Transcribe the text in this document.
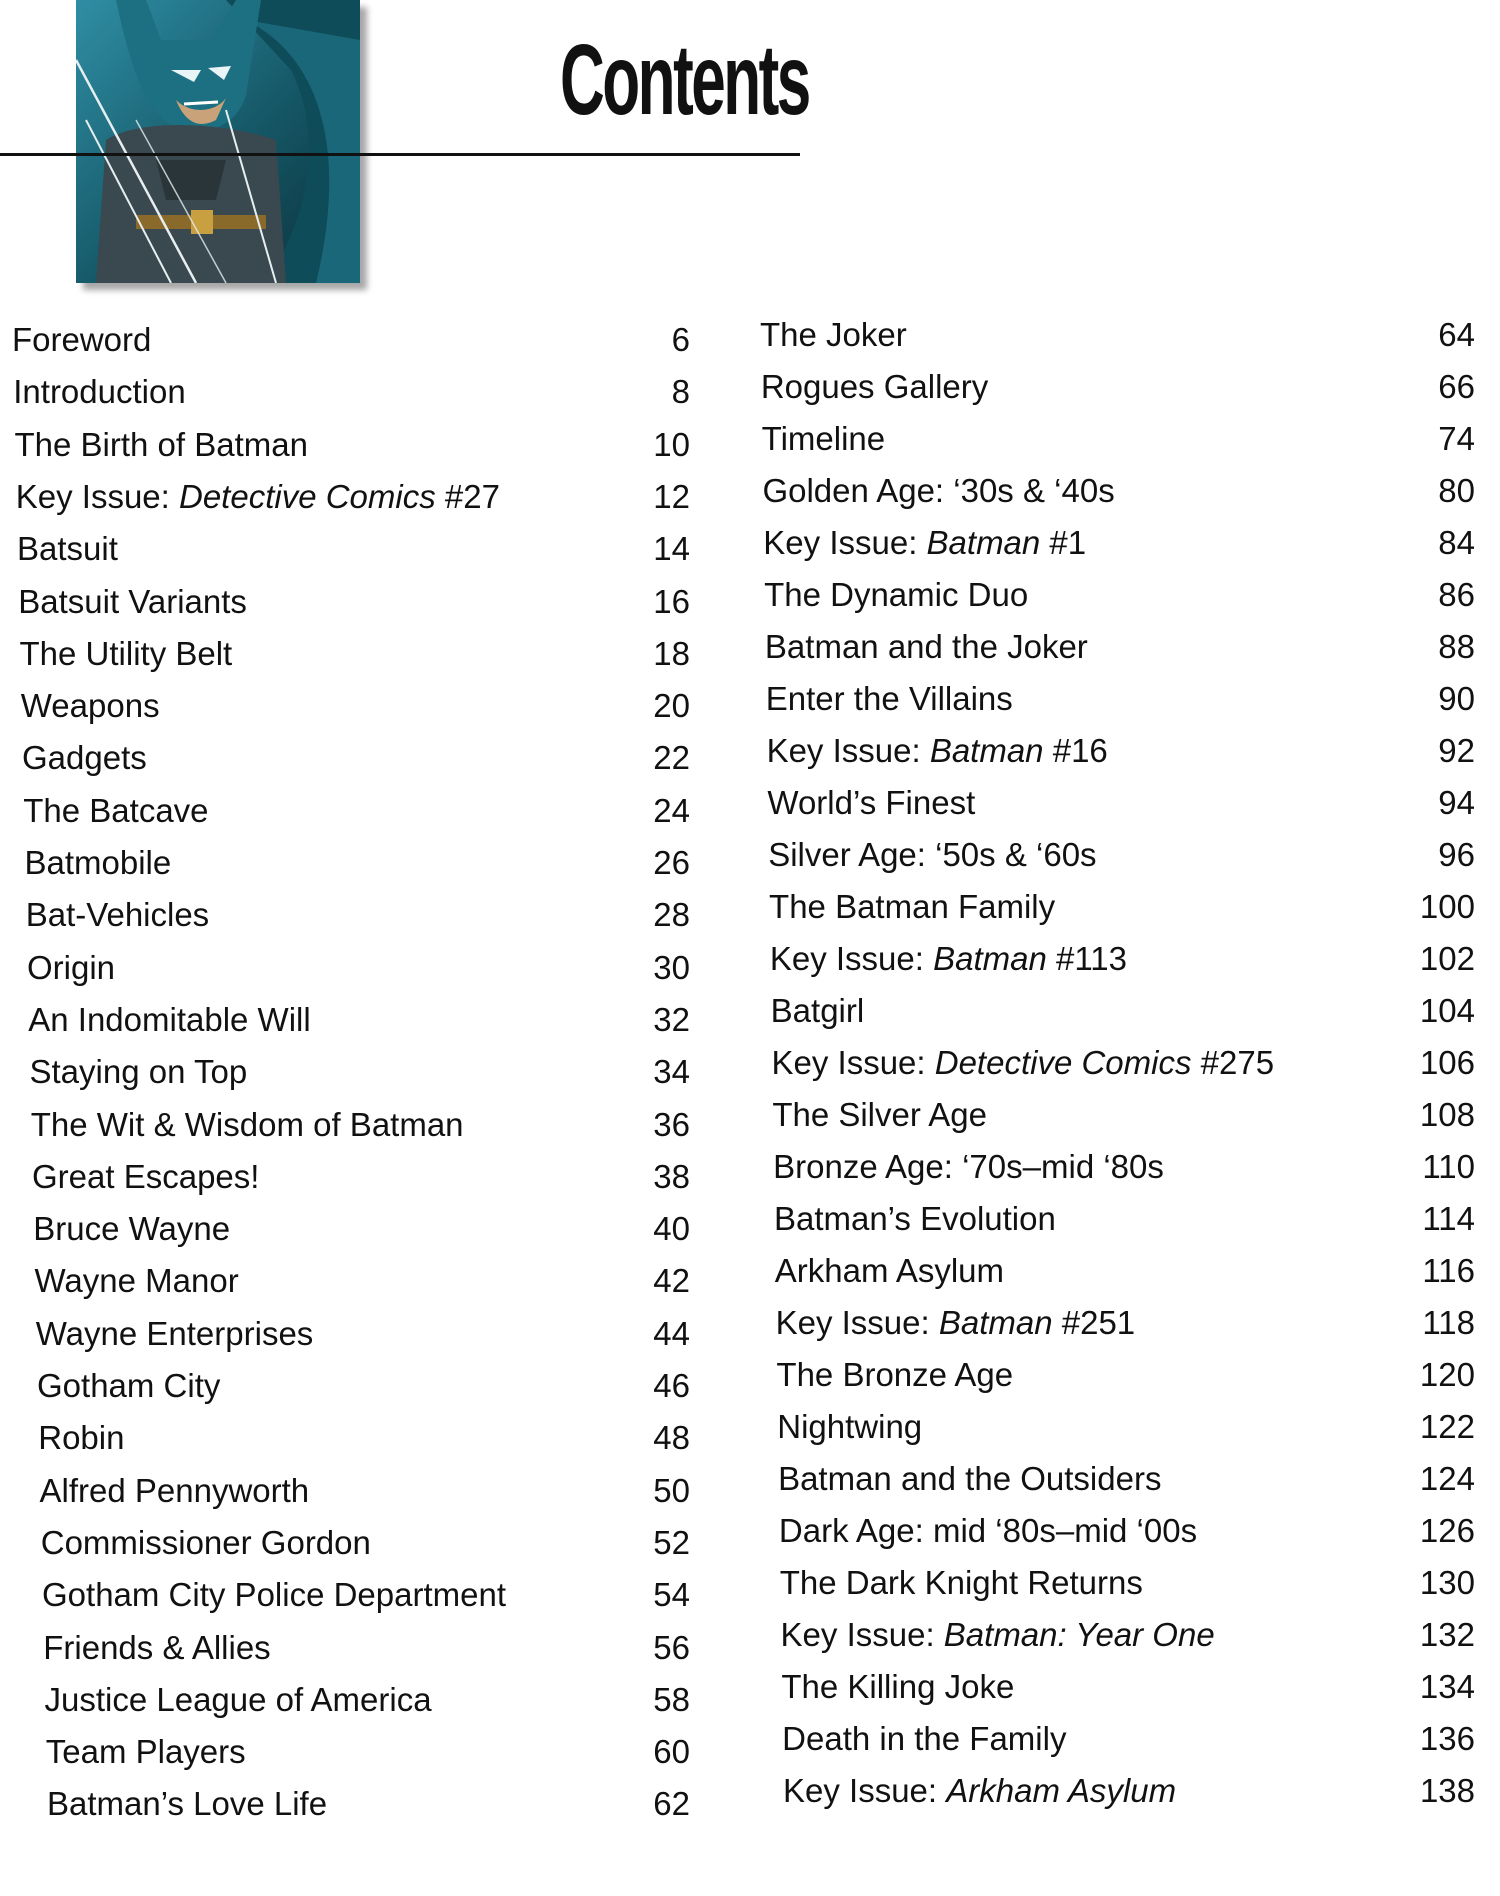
Contents
Foreword	6
Introduction	8
The Birth of Batman	10
Key Issue: Detective Comics #27	12
Batsuit	14
Batsuit Variants	16
The Utility Belt	18
Weapons	20
Gadgets	22
The Batcave	24
Batmobile	26
Bat-Vehicles	28
Origin	30
An Indomitable Will	32
Staying on Top	34
The Wit & Wisdom of Batman	36
Great Escapes!	38
Bruce Wayne	40
Wayne Manor	42
Wayne Enterprises	44
Gotham City	46
Robin	48
Alfred Pennyworth	50
Commissioner Gordon	52
Gotham City Police Department	54
Friends & Allies	56
Justice League of America	58
Team Players	60
Batman’s Love Life	62
The Joker	64
Rogues Gallery	66
Timeline	74
Golden Age: ‘30s & ‘40s	80
Key Issue: Batman #1	84
The Dynamic Duo	86
Batman and the Joker	88
Enter the Villains	90
Key Issue: Batman #16	92
World’s Finest	94
Silver Age: ‘50s & ‘60s	96
The Batman Family	100
Key Issue: Batman #113	102
Batgirl	104
Key Issue: Detective Comics #275	106
The Silver Age	108
Bronze Age: ‘70s–mid ‘80s	110
Batman’s Evolution	114
Arkham Asylum	116
Key Issue: Batman #251	118
The Bronze Age	120
Nightwing	122
Batman and the Outsiders	124
Dark Age: mid ‘80s–mid ‘00s	126
The Dark Knight Returns	130
Key Issue: Batman: Year One	132
The Killing Joke	134
Death in the Family	136
Key Issue: Arkham Asylum	138
